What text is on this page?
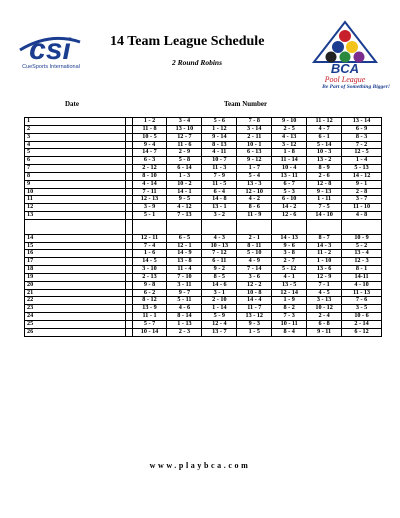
csi
CueSports International
14 Team League Schedule
2 Round Robins	BCA
Pool League
Be Part of Something Bigger!
Date	Team Number
1		1 - 2	3 - 4	5 - 6	7 - 8	9 - 10	11 - 12	13 - 14
2		11 - 8	13 - 10	1 - 12	3 - 14	2 - 5	4 - 7	6 - 9
3		10 - 5	12 - 7	9 - 14	2 - 11	4 - 13	6 - 1	8 - 3
4		9 - 4	11 - 6	8 - 13	10 - 1	3 - 12	5 - 14	7 - 2
5		14 - 7	2 - 9	4 - 11	6 - 13	1 - 8	10 - 3	12 - 5
6		6 - 3	5 - 8	10 - 7	9 - 12	11 - 14	13 - 2	1 - 4
7		2 - 12	6 - 14	11 - 3	1 - 7	10 - 4	8 - 9	5 - 13
8		8 - 10	1 - 3	7 - 9	5 - 4	13 - 11	2 - 6	14 - 12
9		4 - 14	10 - 2	11 - 5	13 - 3	6 - 7	12 - 8	9 - 1
10		7 - 11	14 - 1	6 - 4	12 - 10	5 - 3	9 - 13	2 - 8
11		12 - 13	9 - 5	14 - 8	4 - 2	6 - 10	1 - 11	3 - 7
12		3 - 9	4 - 12	13 - 1	8 - 6	14 - 2	7 - 5	11 - 10
13		5 - 1	7 - 13	3 - 2	11 - 9	12 - 6	14 - 10	4 - 8

14		12 - 11	6 - 5	4 - 3	2 - 1	14 - 13	8 - 7	10 - 9
15		7 - 4	12 - 1	10 - 13	8 - 11	9 - 6	14 - 3	5 - 2
16		1 - 6	14 - 9	7 - 12	5 - 10	3 - 8	11 - 2	13 - 4
17		14 - 5	13 - 8	6 - 11	4 - 9	2 - 7	1 - 10	12 - 3
18		3 - 10	11 - 4	9 - 2	7 - 14	5 - 12	13 - 6	8 - 1
19		2 - 13	7 - 10	8 - 5	3 - 6	4 - 1	12 - 9	14-11
20		9 - 8	3 - 11	14 - 6	12 - 2	13 - 5	7 - 1	4 - 10
21		6 - 2	9 - 7	3 - 1	10 - 8	12 - 14	4 - 5	11 - 13
22		8 - 12	5 - 11	2 - 10	14 - 4	1 - 9	3 - 13	7 - 6
23		13 - 9	4 - 6	1 - 14	11 - 7	8 - 2	10 - 12	3 - 5
24		11 - 1	8 - 14	5 - 9	13 - 12	7 - 3	2 - 4	10 - 6
25		5 - 7	1 - 13	12 - 4	9 - 3	10 - 11	6 - 8	2 - 14
26		10 - 14	2 - 3	13 - 7	1 - 5	8 - 4	9 - 11	6 - 12
www.playbca.com
